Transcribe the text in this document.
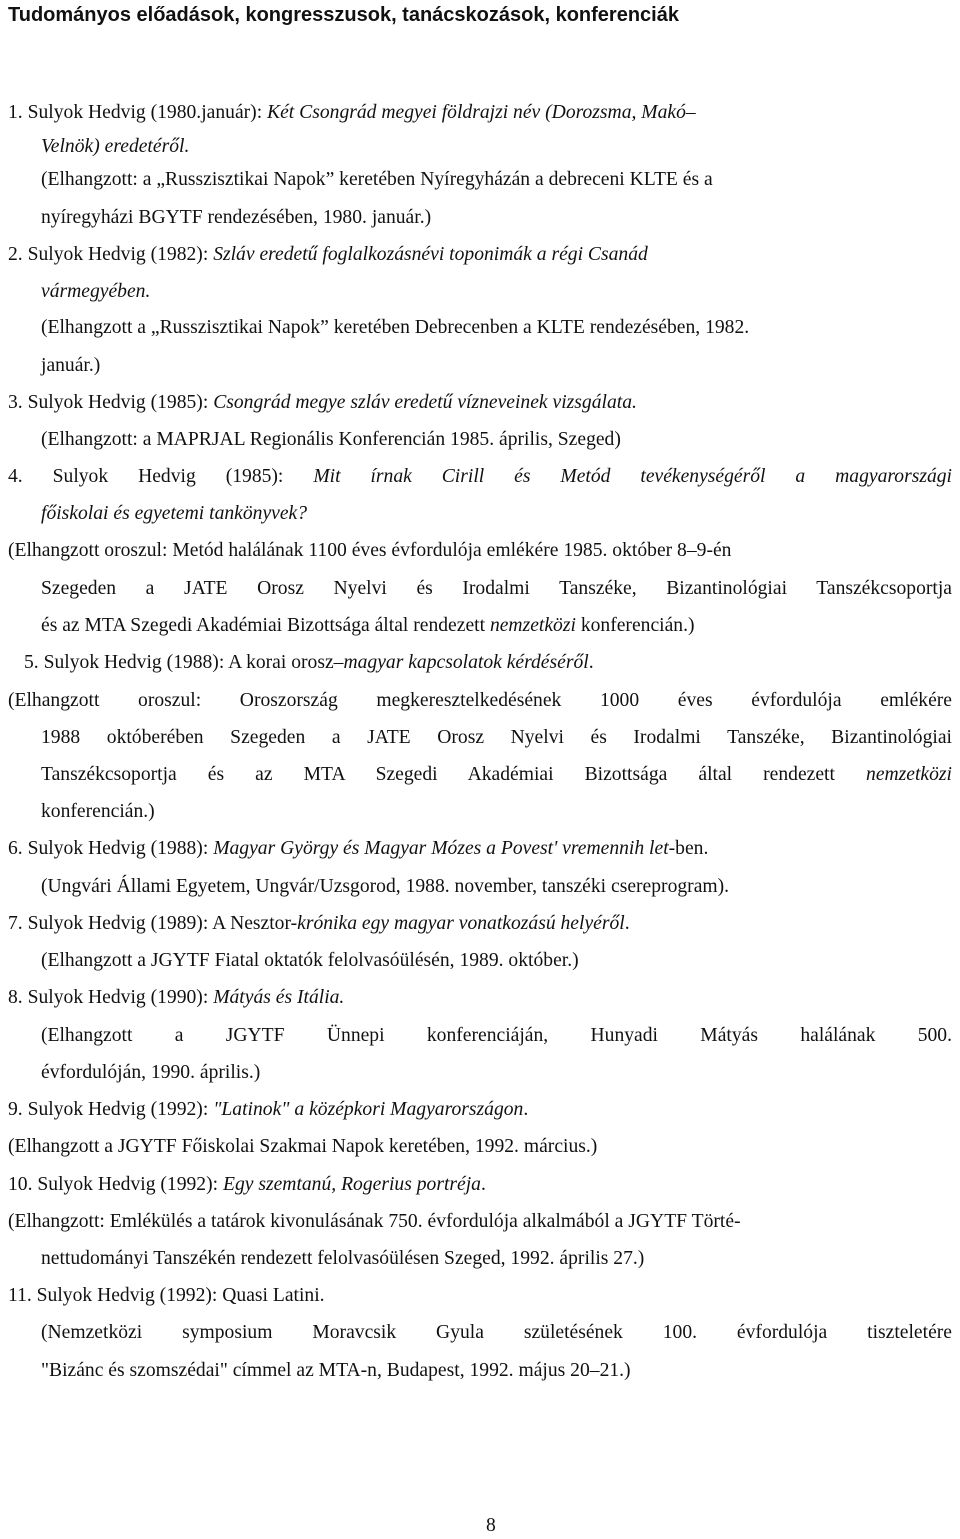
Tudományos előadások, kongresszusok, tanácskozások, konferenciák
1. Sulyok Hedvig (1980.január): Két Csongrád megyei földrajzi név (Dorozsma, Makó–
Velnök) eredetéről.
(Elhangzott: a „Russzisztikai Napok” keretében Nyíregyházán a debreceni KLTE és a
nyíregyházi BGYTF rendezésében, 1980. január.)
2. Sulyok Hedvig (1982): Szláv eredetű foglalkozásnévi toponimák a régi Csanád
vármegyében.
(Elhangzott a „Russzisztikai Napok” keretében Debrecenben a KLTE rendezésében, 1982.
január.)
3. Sulyok Hedvig (1985): Csongrád megye szláv eredetű vízneveinek vizsgálata.
(Elhangzott: a MAPRJAL Regionális Konferencián 1985. április, Szeged)
4. Sulyok Hedvig (1985): Mit írnak Cirill és Metód tevékenységéről a magyarországi
főiskolai és egyetemi tankönyvek?
(Elhangzott oroszul: Metód halálának 1100 éves évfordulója emlékére 1985. október 8–9-én
Szegeden a JATE Orosz Nyelvi és Irodalmi Tanszéke, Bizantinológiai Tanszékcsoportja
és az MTA Szegedi Akadémiai Bizottsága által rendezett nemzetközi konferencián.)
5. Sulyok Hedvig (1988): A korai orosz–magyar kapcsolatok kérdéséről.
(Elhangzott oroszul: Oroszország megkeresztelkedésének 1000 éves évfordulója emlékére
1988 októberében Szegeden a JATE Orosz Nyelvi és Irodalmi Tanszéke, Bizantinológiai
Tanszékcsoportja és az MTA Szegedi Akadémiai Bizottsága által rendezett nemzetközi
konferencián.)
6. Sulyok Hedvig (1988): Magyar György és Magyar Mózes a Povest' vremennih let-ben.
(Ungvári Állami Egyetem, Ungvár/Uzsgorod, 1988. november, tanszéki csereprogram).
7. Sulyok Hedvig (1989): A Nesztor-krónika egy magyar vonatkozású helyéről.
(Elhangzott a JGYTF Fiatal oktatók felolvasóülésén, 1989. október.)
8. Sulyok Hedvig (1990): Mátyás és Itália.
(Elhangzott a JGYTF Ünnepi konferenciáján, Hunyadi Mátyás halálának 500.
évfordulóján, 1990. április.)
9. Sulyok Hedvig (1992): "Latinok" a középkori Magyarországon.
(Elhangzott a JGYTF Főiskolai Szakmai Napok keretében, 1992. március.)
10. Sulyok Hedvig (1992): Egy szemtanú, Rogerius portréja.
(Elhangzott: Emlékülés a tatárok kivonulásának 750. évfordulója alkalmából a JGYTF Törté-
nettudományi Tanszékén rendezett felolvasóülésen Szeged, 1992. április 27.)
11. Sulyok Hedvig (1992): Quasi Latini.
(Nemzetközi symposium Moravcsik Gyula születésének 100. évfordulója tiszteletére
"Bizánc és szomszédai" címmel az MTA-n, Budapest, 1992. május 20–21.)
8
